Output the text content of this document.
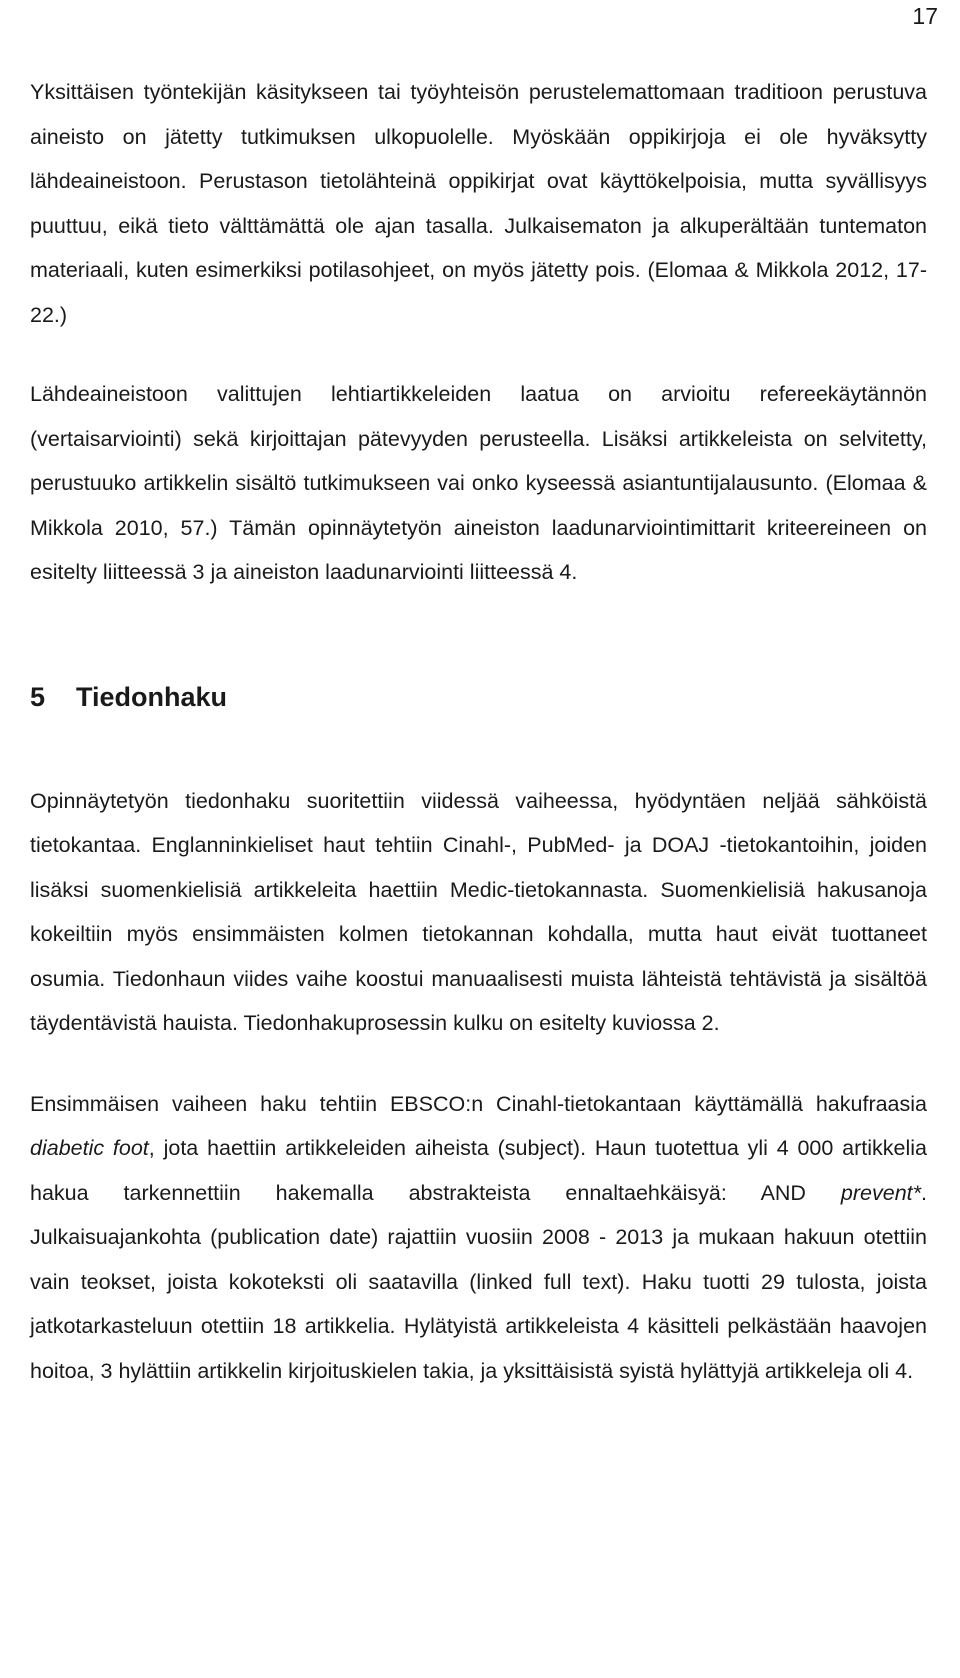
17

Yksittäisen työntekijän käsitykseen tai työyhteisön perustelemattomaan traditioon perustuva aineisto on jätetty tutkimuksen ulkopuolelle. Myöskään oppikirjoja ei ole hyväksytty lähdeaineistoon. Perustason tietolähteinä oppikirjat ovat käyttökelpoisia, mutta syvällisyys puuttuu, eikä tieto välttämättä ole ajan tasalla. Julkaisematon ja alkuperältään tuntematon materiaali, kuten esimerkiksi potilasohjeet, on myös jätetty pois. (Elomaa & Mikkola 2012, 17-22.)

Lähdeaineistoon valittujen lehtiartikkeleiden laatua on arvioitu refereekäytännön (vertaisarviointi) sekä kirjoittajan pätevyyden perusteella. Lisäksi artikkeleista on selvitetty, perustuuko artikkelin sisältö tutkimukseen vai onko kyseessä asiantuntijalausunto. (Elomaa & Mikkola 2010, 57.) Tämän opinnäytetyön aineiston laadunarviointimittarit kriteereineen on esitelty liitteessä 3 ja aineiston laadunarviointi liitteessä 4.

5 Tiedonhaku

Opinnäytetyön tiedonhaku suoritettiin viidessä vaiheessa, hyödyntäen neljää sähköistä tietokantaa. Englanninkieliset haut tehtiin Cinahl-, PubMed- ja DOAJ -tietokantoihin, joiden lisäksi suomenkielisiä artikkeleita haettiin Medic-tietokannasta. Suomenkielisiä hakusanoja kokeiltiin myös ensimmäisten kolmen tietokannan kohdalla, mutta haut eivät tuottaneet osumia. Tiedonhaun viides vaihe koostui manuaalisesti muista lähteistä tehtävistä ja sisältöä täydentävistä hauista. Tiedonhakuprosessin kulku on esitelty kuviossa 2.

Ensimmäisen vaiheen haku tehtiin EBSCO:n Cinahl-tietokantaan käyttämällä hakufraasia diabetic foot, jota haettiin artikkeleiden aiheista (subject). Haun tuotettua yli 4 000 artikkelia hakua tarkennettiin hakemalla abstrakteista ennaltaehkäisyä: AND prevent*. Julkaisuajankohta (publication date) rajattiin vuosiin 2008 - 2013 ja mukaan hakuun otettiin vain teokset, joista kokoteksti oli saatavilla (linked full text). Haku tuotti 29 tulosta, joista jatkotarkasteluun otettiin 18 artikkelia. Hylätyistä artikkeleista 4 käsitteli pelkästään haavojen hoitoa, 3 hylättiin artikkelin kirjoituskielen takia, ja yksittäisistä syistä hylättyjä artikkeleja oli 4.
